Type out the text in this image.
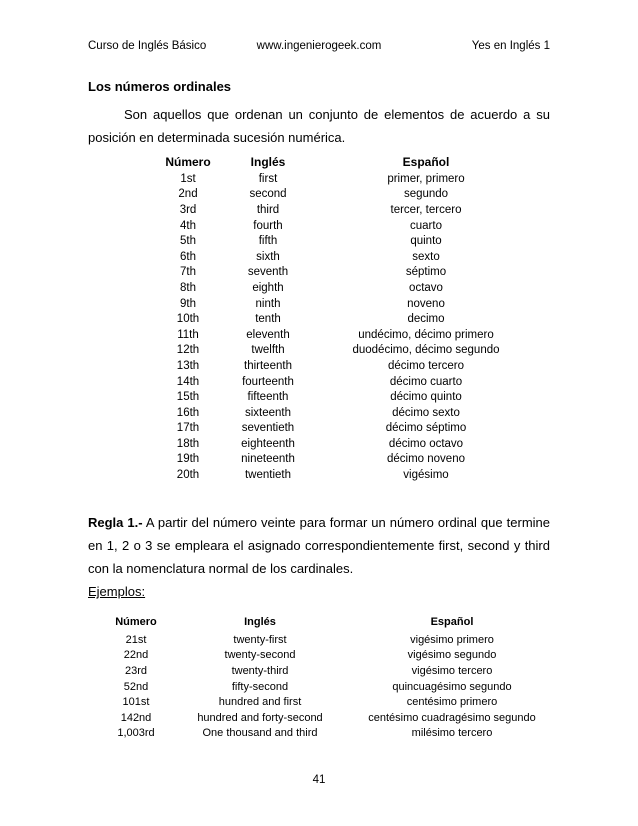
Curso de Inglés Básico	www.ingenierogeek.com	Yes en Inglés 1
Los números ordinales

Son aquellos que ordenan un conjunto de elementos de acuerdo a su posición en determinada sucesión numérica.

Número	Inglés	Español
1st	first	primer, primero
2nd	second	segundo
3rd	third	tercer, tercero
4th	fourth	cuarto
5th	fifth	quinto
6th	sixth	sexto
7th	seventh	séptimo
8th	eighth	octavo
9th	ninth	noveno
10th	tenth	decimo
11th	eleventh	undécimo, décimo primero
12th	twelfth	duodécimo, décimo segundo
13th	thirteenth	décimo tercero
14th	fourteenth	décimo cuarto
15th	fifteenth	décimo quinto
16th	sixteenth	décimo sexto
17th	seventieth	décimo séptimo
18th	eighteenth	décimo octavo
19th	nineteenth	décimo noveno
20th	twentieth	vigésimo

Regla 1.- A partir del número veinte para formar un número ordinal que termine en 1, 2 o 3 se empleara el asignado correspondientemente first, second y third con la nomenclatura normal de los cardinales.

Ejemplos:
Número	Inglés	Español
21st	twenty-first	vigésimo primero
22nd	twenty-second	vigésimo segundo
23rd	twenty-third	vigésimo tercero
52nd	fifty-second	quincuagésimo segundo
101st	hundred and first	centésimo primero
142nd	hundred and forty-second	centésimo cuadragésimo segundo
1,003rd	One thousand and third	milésimo tercero
41
